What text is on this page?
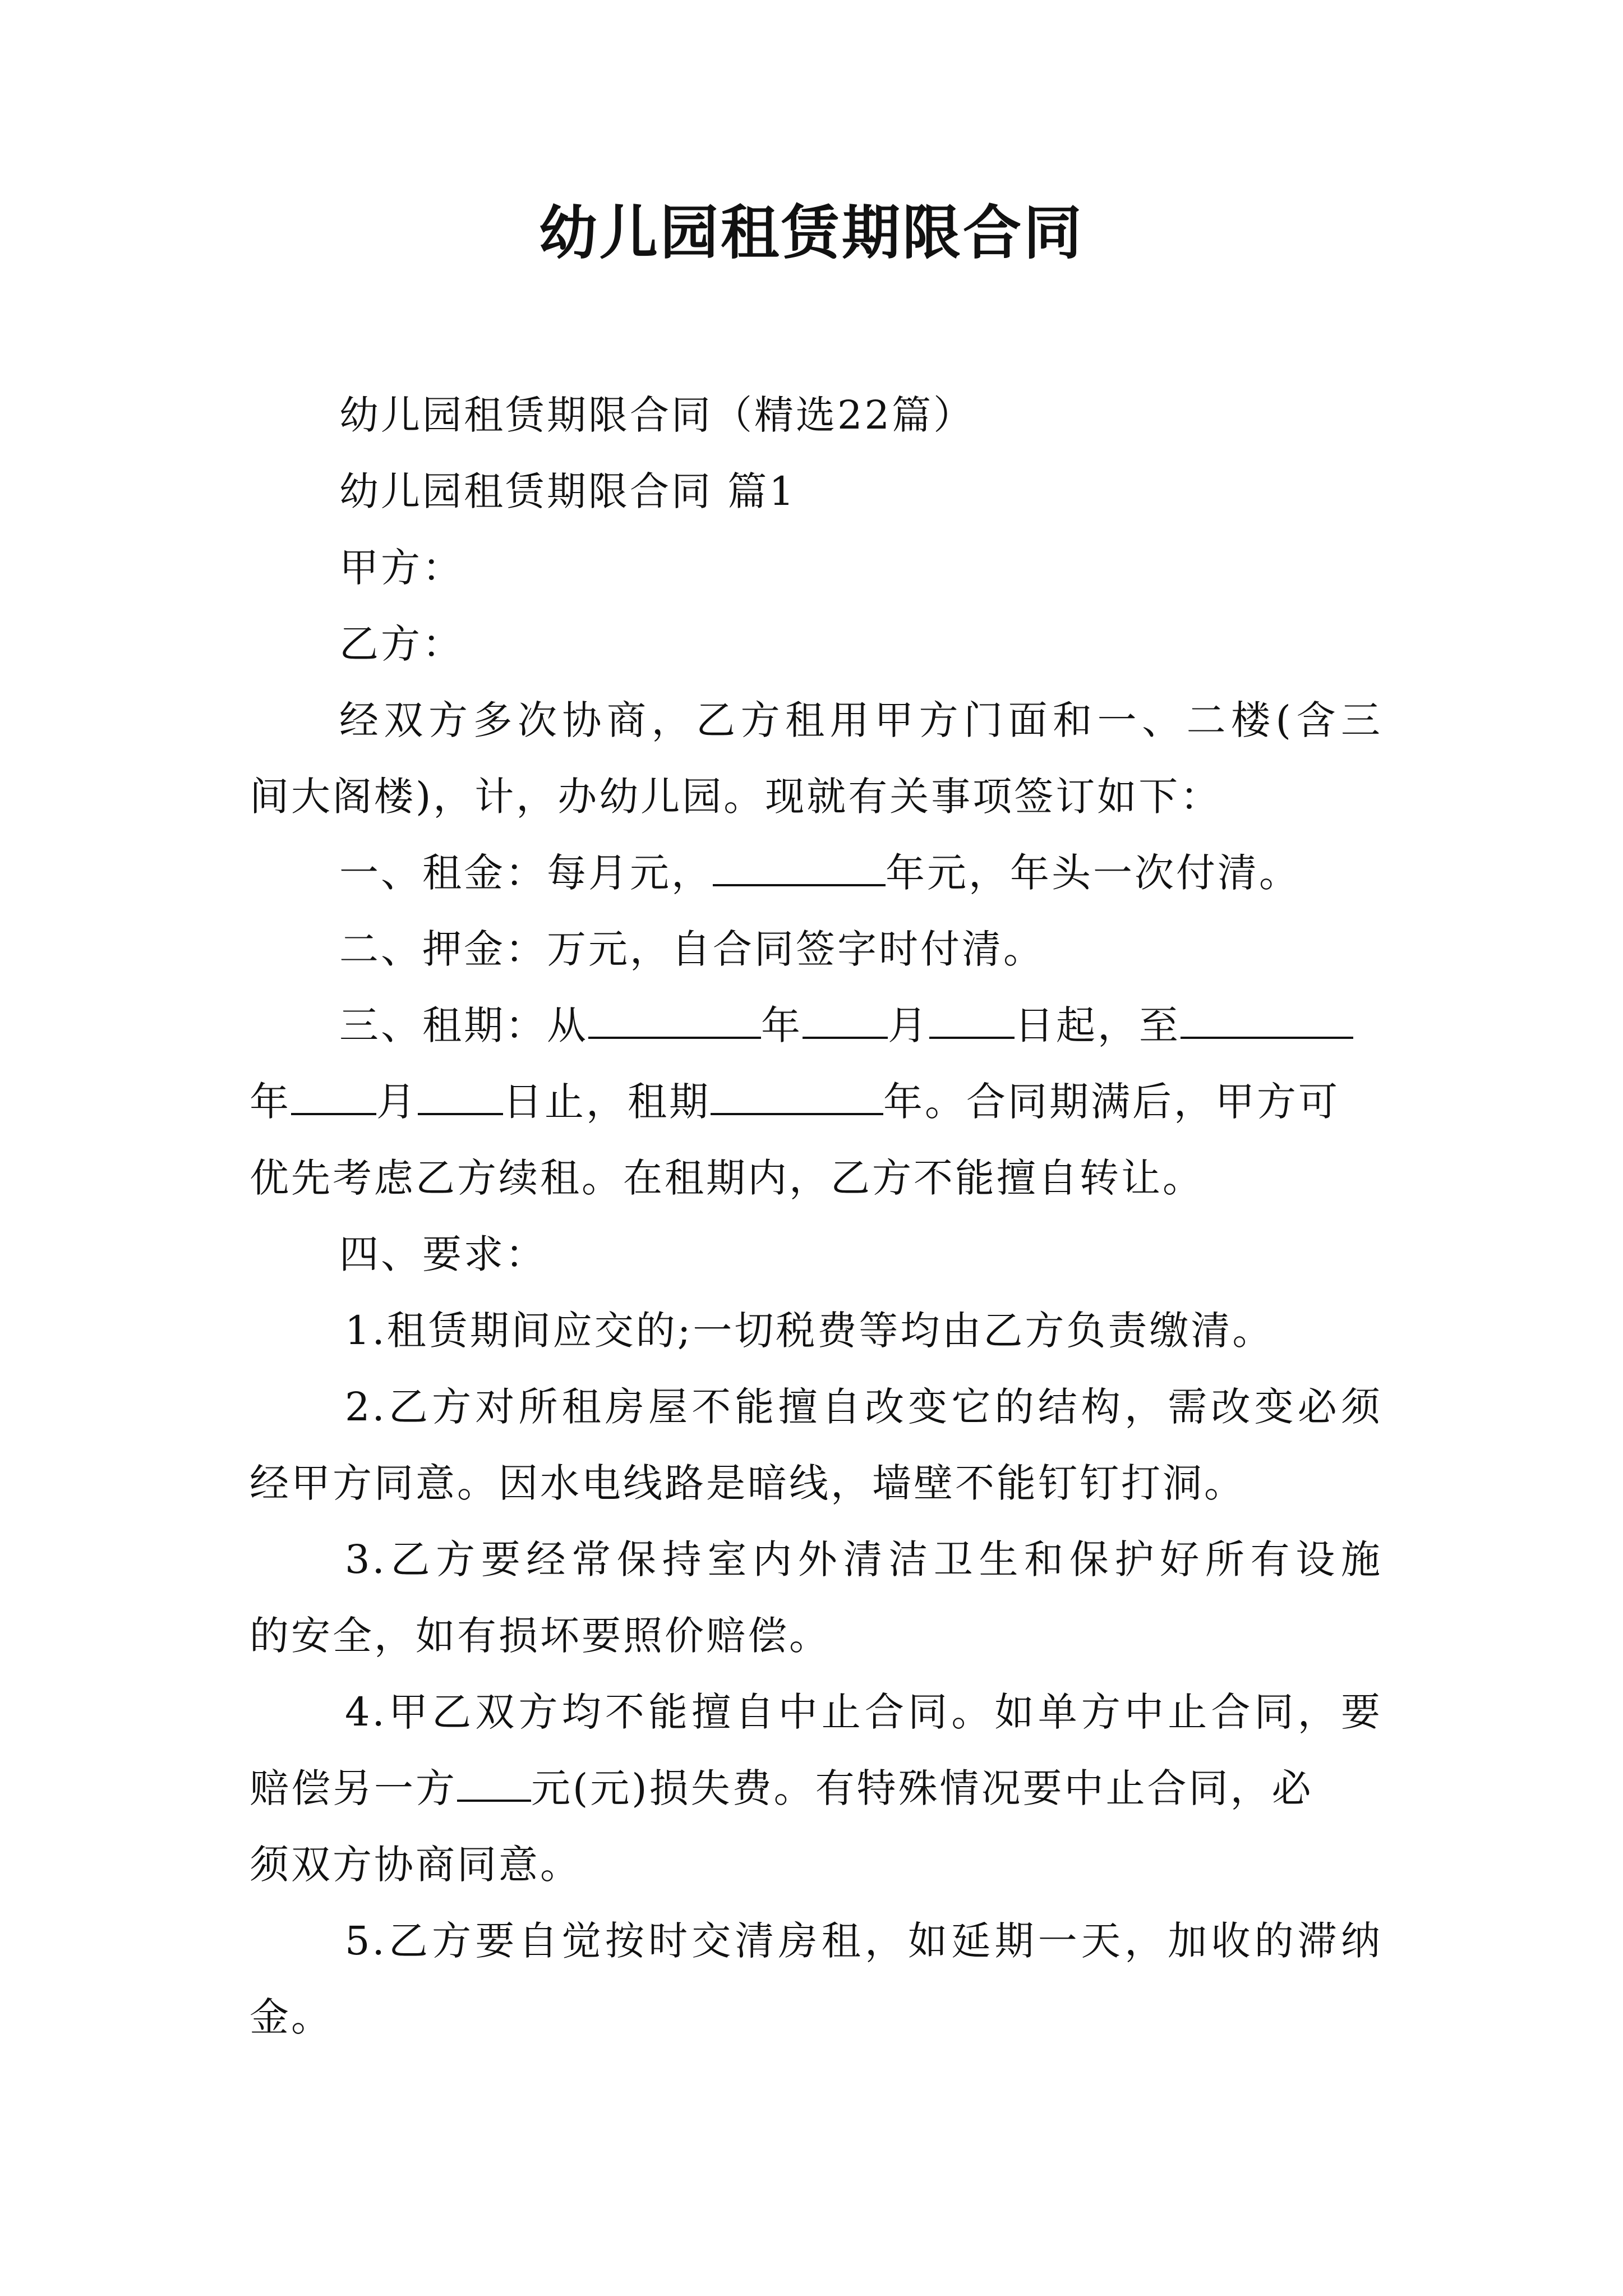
幼儿园租赁期限合同
幼儿园租赁期限合同（精选22篇）
幼儿园租赁期限合同 篇1
甲方：
乙方：
经双方多次协商，乙方租用甲方门面和一、二楼(含三
间大阁楼)，计，办幼儿园。现就有关事项签订如下：
一、租金：每月元，	年元，年头一次付清。
二、押金：万元，自合同签字时付清。
三、租期：从	年 月 日起，至
年 月 日止，租期	年。合同期满后，甲方可
优先考虑乙方续租。在租期内，乙方不能擅自转让。
四、要求：
1.租赁期间应交的;一切税费等均由乙方负责缴清。
2.乙方对所租房屋不能擅自改变它的结构，需改变必须
经甲方同意。因水电线路是暗线，墙壁不能钉钉打洞。
3.乙方要经常保持室内外清洁卫生和保护好所有设施
的安全，如有损坏要照价赔偿。
4.甲乙双方均不能擅自中止合同。如单方中止合同，要
赔偿另一方 元(元)损失费。有特殊情况要中止合同，必
须双方协商同意。
5.乙方要自觉按时交清房租，如延期一天，加收的滞纳
金。
